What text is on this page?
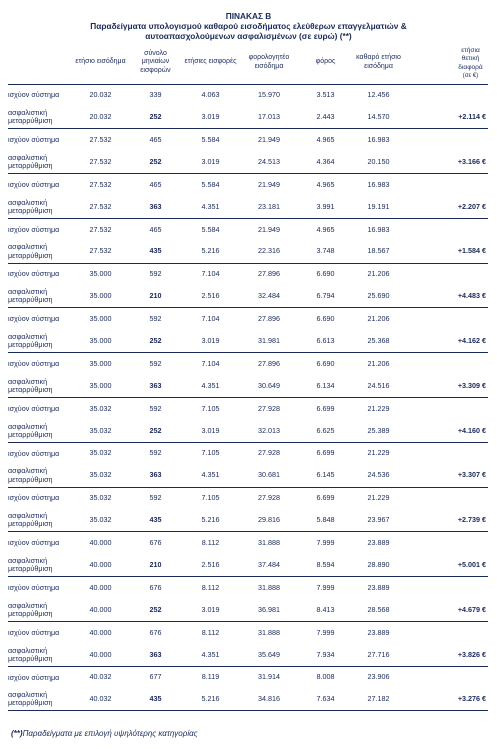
ΠΙΝΑΚΑΣ Β
Παραδείγματα υπολογισμού καθαρού εισοδήματος ελεύθερων επαγγελματιών &
αυτοαπασχολούμενων ασφαλισμένων (σε ευρώ) (**)
	ετήσιο εισόδημα	σύνολο μηνιαίων εισφορών	ετήσιες εισφορές	φορολογητέο εισόδημα	φόρος	καθαρό ετήσιο εισόδημα		ετήσια θετική διαφορά
(σε €)

ισχύον σύστημα	20.032	339	4.063	15.970	3.513	12.456		
ασφαλιστική μεταρρύθμιση	20.032	252	3.019	17.013	2.443	14.570		+2.114 €
ισχύον σύστημα	27.532	465	5.584	21.949	4.965	16.983		
ασφαλιστική μεταρρύθμιση	27.532	252	3.019	24.513	4.364	20.150		+3.166 €
ισχύον σύστημα	27.532	465	5.584	21.949	4.965	16.983		
ασφαλιστική μεταρρύθμιση	27.532	363	4.351	23.181	3.991	19.191		+2.207 €
ισχύον σύστημα	27.532	465	5.584	21.949	4.965	16.983		
ασφαλιστική μεταρρύθμιση	27.532	435	5.216	22.316	3.748	18.567		+1.584 €
ισχύον σύστημα	35.000	592	7.104	27.896	6.690	21.206		
ασφαλιστική μεταρρύθμιση	35.000	210	2.516	32.484	6.794	25.690		+4.483 €
ισχύον σύστημα	35.000	592	7.104	27.896	6.690	21.206		
ασφαλιστική μεταρρύθμιση	35.000	252	3.019	31.981	6.613	25.368		+4.162 €
ισχύον σύστημα	35.000	592	7.104	27.896	6.690	21.206		
ασφαλιστική μεταρρύθμιση	35.000	363	4.351	30.649	6.134	24.516		+3.309 €
ισχύον σύστημα	35.032	592	7.105	27.928	6.699	21.229		
ασφαλιστική μεταρρύθμιση	35.032	252	3.019	32.013	6.625	25.389		+4.160 €
ισχύον σύστημα	35.032	592	7.105	27.928	6.699	21.229		
ασφαλιστική μεταρρύθμιση	35.032	363	4.351	30.681	6.145	24.536		+3.307 €
ισχύον σύστημα	35.032	592	7.105	27.928	6.699	21.229		
ασφαλιστική μεταρρύθμιση	35.032	435	5.216	29.816	5.848	23.967		+2.739 €
ισχύον σύστημα	40.000	676	8.112	31.888	7.999	23.889		
ασφαλιστική μεταρρύθμιση	40.000	210	2.516	37.484	8.594	28.890		+5.001 €
ισχύον σύστημα	40.000	676	8.112	31.888	7.999	23.889		
ασφαλιστική μεταρρύθμιση	40.000	252	3.019	36.981	8.413	28.568		+4.679 €
ισχύον σύστημα	40.000	676	8.112	31.888	7.999	23.889		
ασφαλιστική μεταρρύθμιση	40.000	363	4.351	35.649	7.934	27.716		+3.826 €
ισχύον σύστημα	40.032	677	8.119	31.914	8.008	23.906		
ασφαλιστική μεταρρύθμιση	40.032	435	5.216	34.816	7.634	27.182		+3.276 €
(**)Παραδείγματα με επιλογή υψηλότερης κατηγορίας
